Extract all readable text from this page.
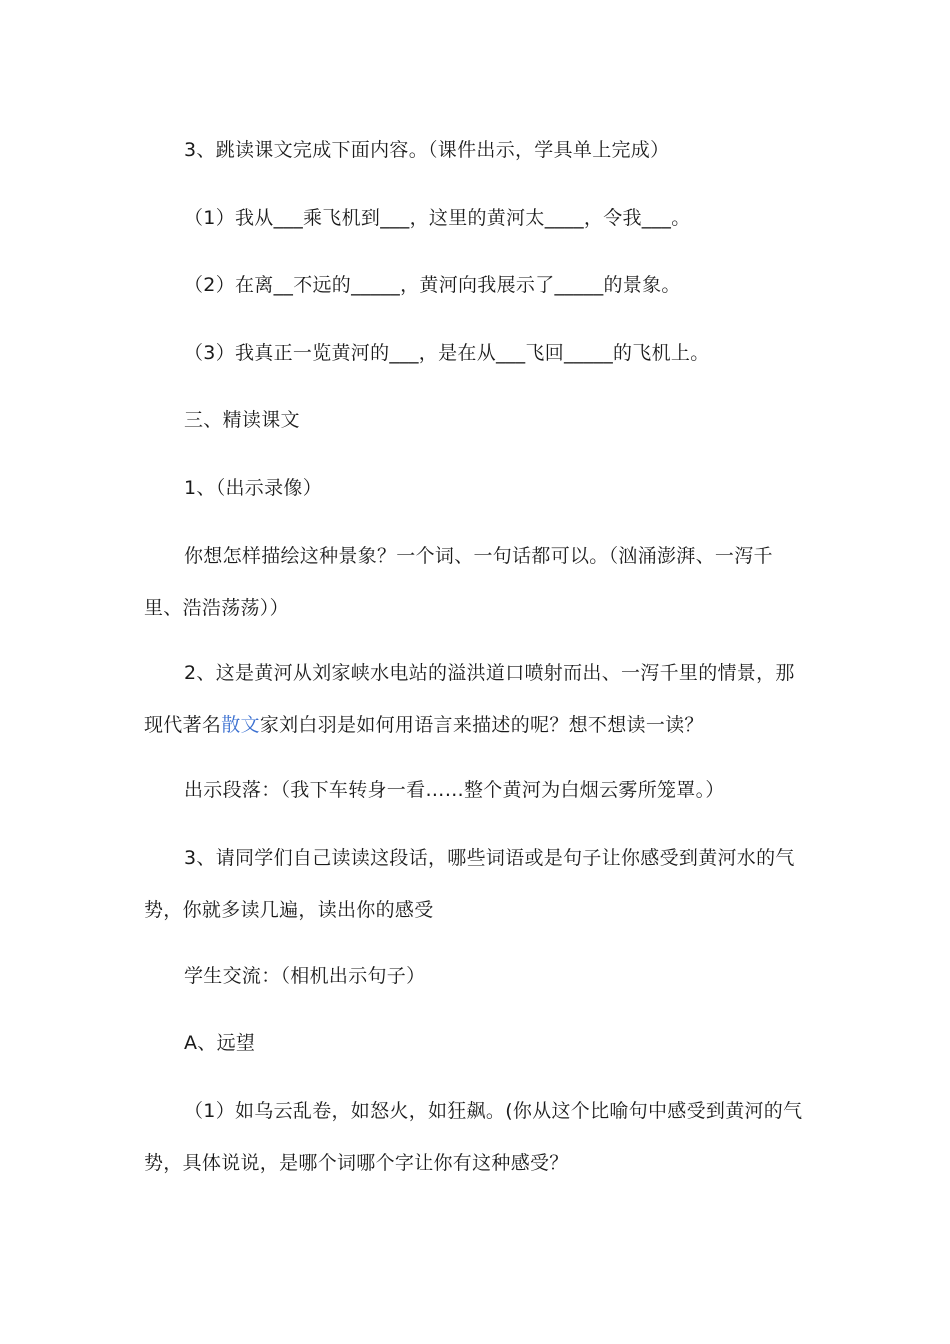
3、跳读课文完成下面内容。（课件出示，学具单上完成）

（1）我从___乘飞机到___，这里的黄河太____，令我___。

（2）在离__不远的_____，黄河向我展示了_____的景象。

（3）我真正一览黄河的___，是在从___飞回_____的飞机上。

三、精读课文

1、（出示录像）

你想怎样描绘这种景象？一个词、一句话都可以。（汹涌澎湃、一泻千里、浩浩荡荡））

2、这是黄河从刘家峡水电站的溢洪道口喷射而出、一泻千里的情景，那现代著名散文家刘白羽是如何用语言来描述的呢？想不想读一读？

出示段落：（我下车转身一看……整个黄河为白烟云雾所笼罩。）

3、请同学们自己读读这段话，哪些词语或是句子让你感受到黄河水的气势，你就多读几遍，读出你的感受

学生交流：（相机出示句子）

A、远望

（1）如乌云乱卷，如怒火，如狂飙。(你从这个比喻句中感受到黄河的气势，具体说说，是哪个词哪个字让你有这种感受？
